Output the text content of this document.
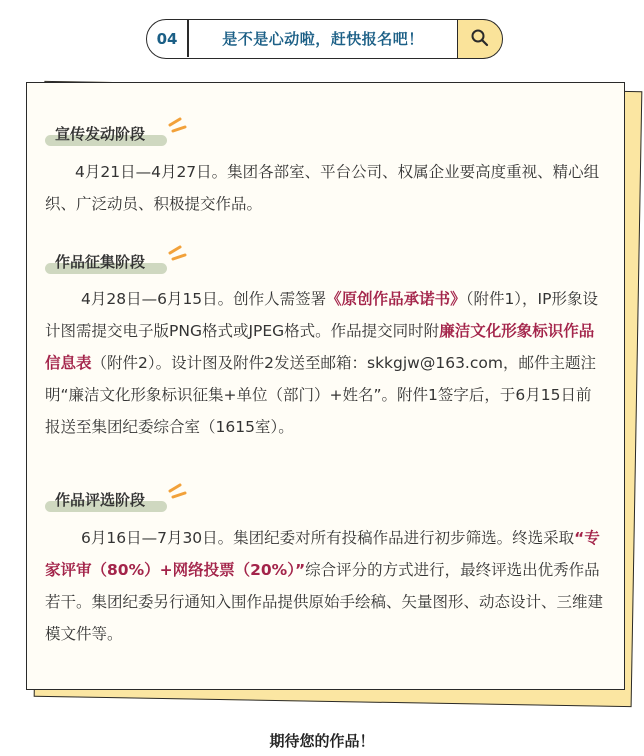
04	是不是心动啦，赶快报名吧！
宣传发动阶段
4月21日—4月27日。集团各部室、平台公司、权属企业要高度重视、精心组织、广泛动员、积极提交作品。
作品征集阶段
4月28日—6月15日。创作人需签署《原创作品承诺书》（附件1），IP形象设计图需提交电子版PNG格式或JPEG格式。作品提交同时附廉洁文化形象标识作品信息表（附件2）。设计图及附件2发送至邮箱：skkgjw@163.com，邮件主题注明“廉洁文化形象标识征集+单位（部门）+姓名”。附件1签字后，于6月15日前报送至集团纪委综合室（1615室）。
作品评选阶段
6月16日—7月30日。集团纪委对所有投稿作品进行初步筛选。终选采取“专家评审（80%）+网络投票（20%）”综合评分的方式进行，最终评选出优秀作品若干。集团纪委另行通知入围作品提供原始手绘稿、矢量图形、动态设计、三维建模文件等。
期待您的作品！
